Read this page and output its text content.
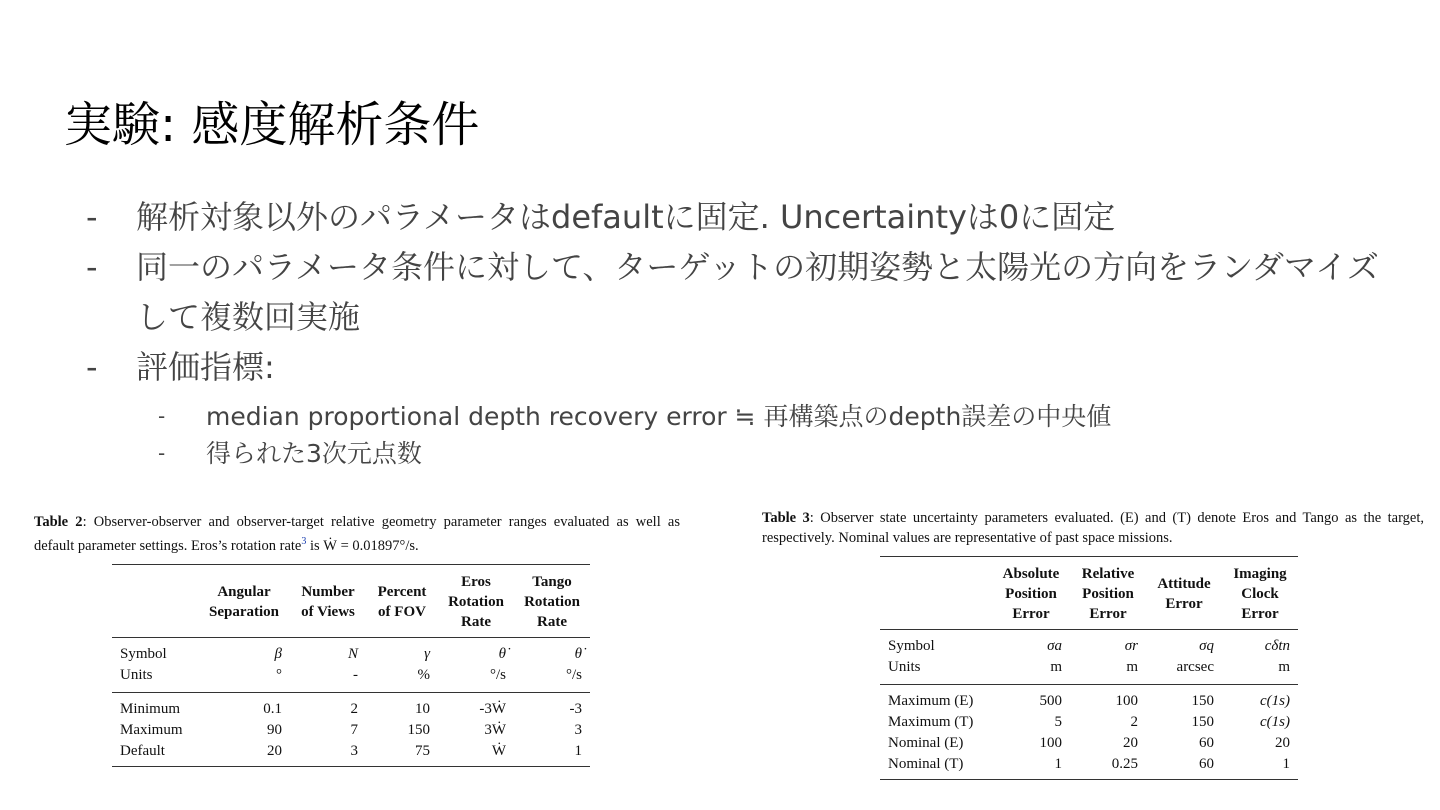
実験: 感度解析条件
-	解析対象以外のパラメータはdefaultに固定. Uncertaintyは0に固定
-	同一のパラメータ条件に対して、ターゲットの初期姿勢と太陽光の方向をランダマイズして複数回実施
-	評価指標:
-	median proportional depth recovery error ≒ 再構築点のdepth誤差の中央値
-	得られた3次元点数
Table 2: Observer-observer and observer-target relative geometry parameter ranges evaluated as well as default parameter settings. Eros’s rotation rate$^3$ is Ẇ = 0.01897°/s.
	Angular Separation	Number of Views	Percent of FOV	Eros Rotation Rate	Tango Rotation Rate
Symbol	β	N	γ	θ̇	θ̇
Units	°	-	%	°/s	°/s
Minimum	0.1	2	10	-3Ẇ	-3
Maximum	90	7	150	3Ẇ	3
Default	20	3	75	Ẇ	1
Table 3: Observer state uncertainty parameters evaluated. (E) and (T) denote Eros and Tango as the target, respectively. Nominal values are representative of past space missions.
	Absolute Position Error	Relative Position Error	Attitude Error	Imaging Clock Error
Symbol	σa	σr	σq	cδtn
Units	m	m	arcsec	m
Maximum (E)	500	100	150	c(1s)
Maximum (T)	5	2	150	c(1s)
Nominal (E)	100	20	60	20
Nominal (T)	1	0.25	60	1
